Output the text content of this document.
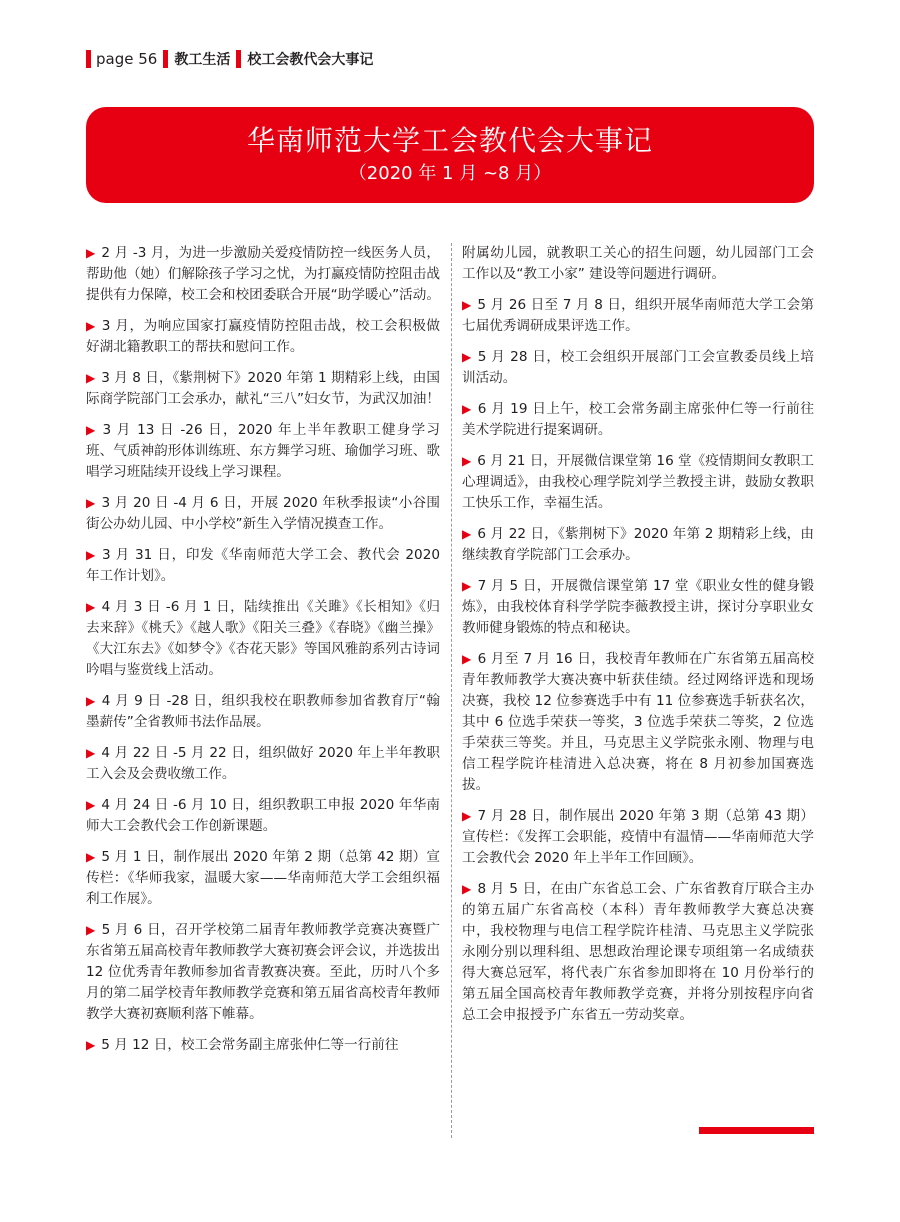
page 56 教工生活 校工会教代会大事记
华南师范大学工会教代会大事记
（2020 年 1 月 ~8 月）

▶ 2 月 -3 月，为进一步激励关爱疫情防控一线医务人员，帮助他（她）们解除孩子学习之忧，为打赢疫情防控阻击战提供有力保障，校工会和校团委联合开展“助学暖心”活动。

▶ 3 月，为响应国家打赢疫情防控阻击战，校工会积极做好湖北籍教职工的帮扶和慰问工作。

▶ 3 月 8 日，《紫荆树下》2020 年第 1 期精彩上线，由国际商学院部门工会承办，献礼“三八”妇女节，为武汉加油！

▶ 3 月 13 日 -26 日，2020 年上半年教职工健身学习班、气质神韵形体训练班、东方舞学习班、瑜伽学习班、歌唱学习班陆续开设线上学习课程。

▶ 3 月 20 日 -4 月 6 日，开展 2020 年秋季报读“小谷围街公办幼儿园、中小学校”新生入学情况摸查工作。

▶ 3 月 31 日，印发《华南师范大学工会、教代会 2020 年工作计划》。

▶ 4 月 3 日 -6 月 1 日，陆续推出《关雎》《长相知》《归去来辞》《桃夭》《越人歌》《阳关三叠》《春晓》《幽兰操》《大江东去》《如梦令》《杏花天影》等国风雅韵系列古诗词吟唱与鉴赏线上活动。

▶ 4 月 9 日 -28 日，组织我校在职教师参加省教育厅“翰墨薪传”全省教师书法作品展。

▶ 4 月 22 日 -5 月 22 日，组织做好 2020 年上半年教职工入会及会费收缴工作。

▶ 4 月 24 日 -6 月 10 日，组织教职工申报 2020 年华南师大工会教代会工作创新课题。

▶ 5 月 1 日，制作展出 2020 年第 2 期（总第 42 期）宣传栏：《华师我家，温暖大家——华南师范大学工会组织福利工作展》。

▶ 5 月 6 日，召开学校第二届青年教师教学竞赛决赛暨广东省第五届高校青年教师教学大赛初赛会评会议，并选拔出 12 位优秀青年教师参加省青教赛决赛。至此，历时八个多月的第二届学校青年教师教学竞赛和第五届省高校青年教师教学大赛初赛顺利落下帷幕。

▶ 5 月 12 日，校工会常务副主席张仲仁等一行前往

附属幼儿园，就教职工关心的招生问题，幼儿园部门工会工作以及“教工小家” 建设等问题进行调研。

▶ 5 月 26 日至 7 月 8 日，组织开展华南师范大学工会第七届优秀调研成果评选工作。

▶ 5 月 28 日，校工会组织开展部门工会宣教委员线上培训活动。

▶ 6 月 19 日上午，校工会常务副主席张仲仁等一行前往美术学院进行提案调研。

▶ 6 月 21 日，开展微信课堂第 16 堂《疫情期间女教职工心理调适》，由我校心理学院刘学兰教授主讲，鼓励女教职工快乐工作，幸福生活。

▶ 6 月 22 日，《紫荆树下》2020 年第 2 期精彩上线，由继续教育学院部门工会承办。

▶ 7 月 5 日，开展微信课堂第 17 堂《职业女性的健身锻炼》，由我校体育科学学院李薇教授主讲，探讨分享职业女教师健身锻炼的特点和秘诀。

▶ 6 月至 7 月 16 日，我校青年教师在广东省第五届高校青年教师教学大赛决赛中斩获佳绩。经过网络评选和现场决赛，我校 12 位参赛选手中有 11 位参赛选手斩获名次，其中 6 位选手荣获一等奖，3 位选手荣获二等奖，2 位选手荣获三等奖。并且，马克思主义学院张永刚、物理与电信工程学院许桂清进入总决赛，将在 8 月初参加国赛选拔。

▶ 7 月 28 日，制作展出 2020 年第 3 期（总第 43 期）宣传栏：《发挥工会职能，疫情中有温情——华南师范大学工会教代会 2020 年上半年工作回顾》。

▶ 8 月 5 日，在由广东省总工会、广东省教育厅联合主办的第五届广东省高校（本科）青年教师教学大赛总决赛中，我校物理与电信工程学院许桂清、马克思主义学院张永刚分别以理科组、思想政治理论课专项组第一名成绩获得大赛总冠军，将代表广东省参加即将在 10 月份举行的第五届全国高校青年教师教学竞赛，并将分别按程序向省总工会申报授予广东省五一劳动奖章。
